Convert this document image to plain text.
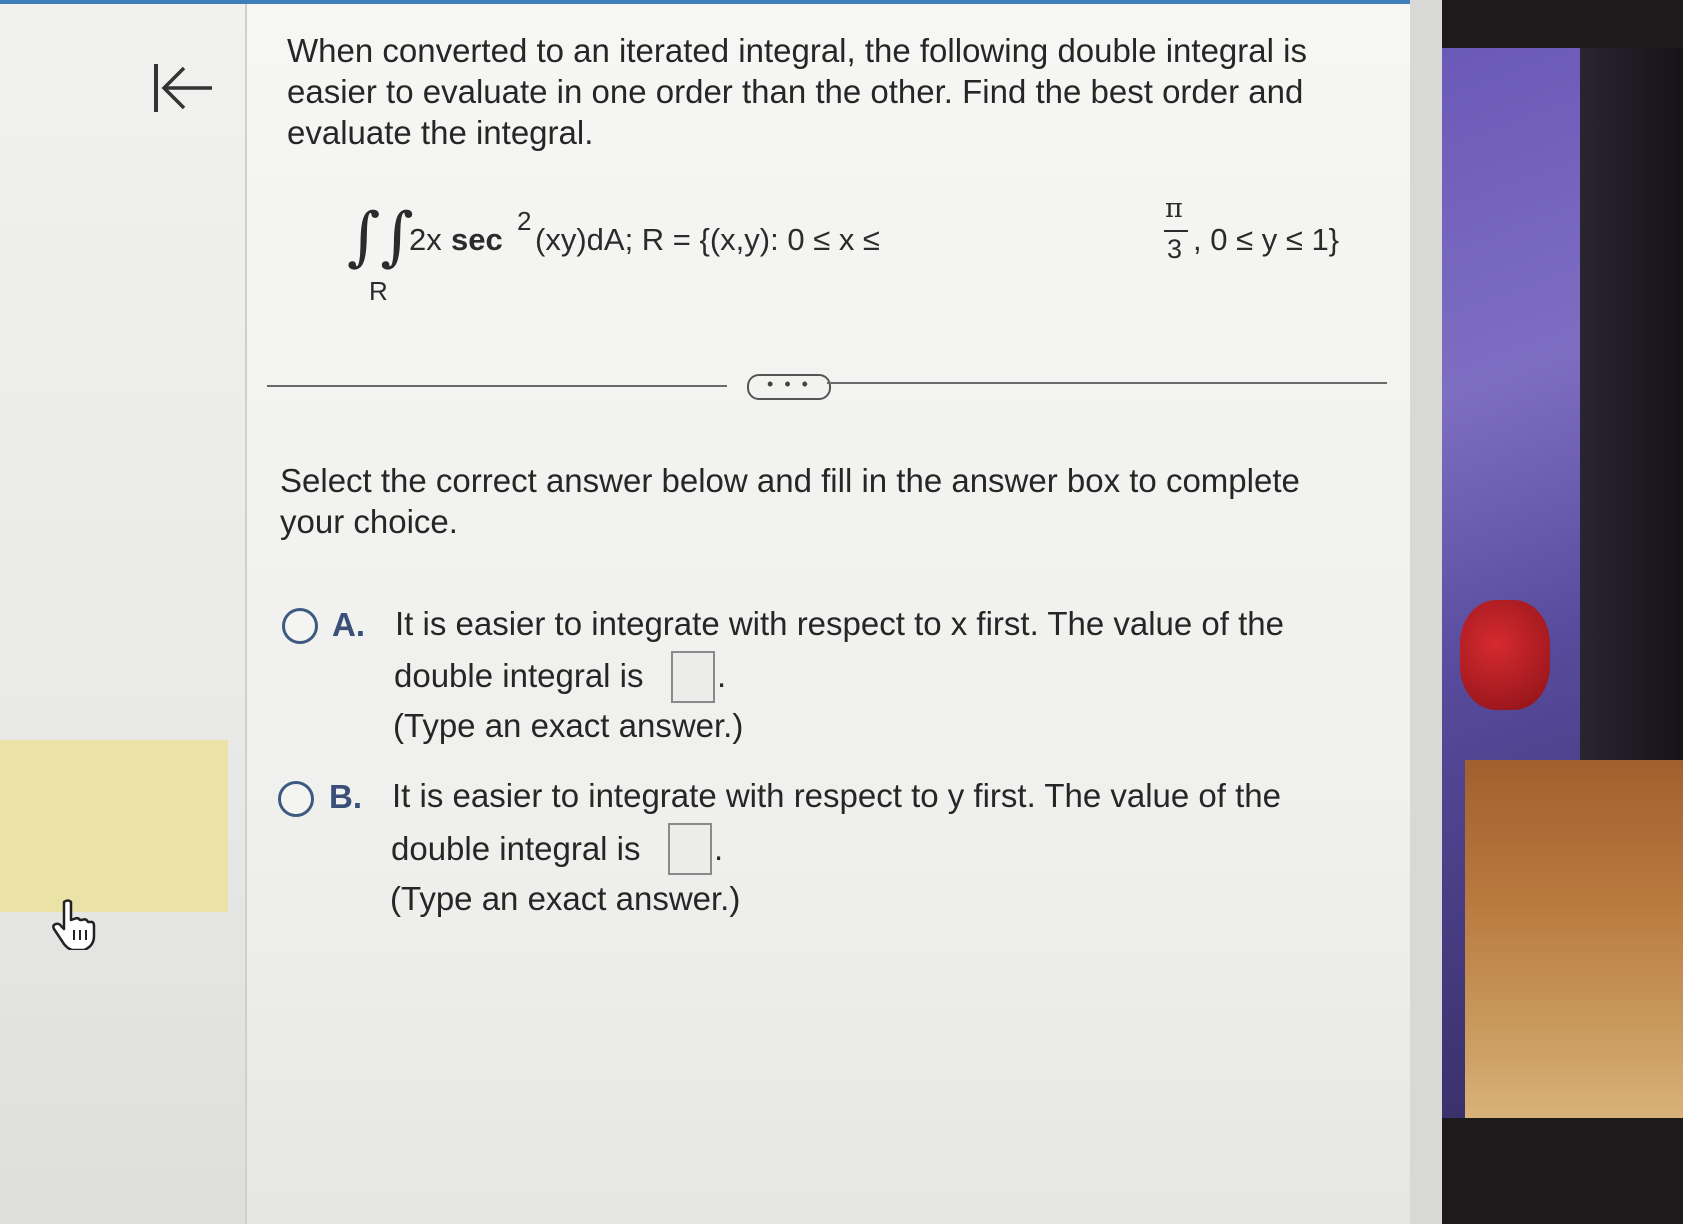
When converted to an iterated integral, the following double integral is
easier to evaluate in one order than the other. Find the best order and
evaluate the integral.
∫∫
R
2x sec
2
(xy)dA; R = {(x,y): 0 ≤ x ≤
π
3 , 0 ≤ y ≤ 1}
• • •
Select the correct answer below and fill in the answer box to complete
your choice.
A. It is easier to integrate with respect to x first. The value of the
double integral is .
(Type an exact answer.)
B. It is easier to integrate with respect to y first. The value of the
double integral is .
(Type an exact answer.)
